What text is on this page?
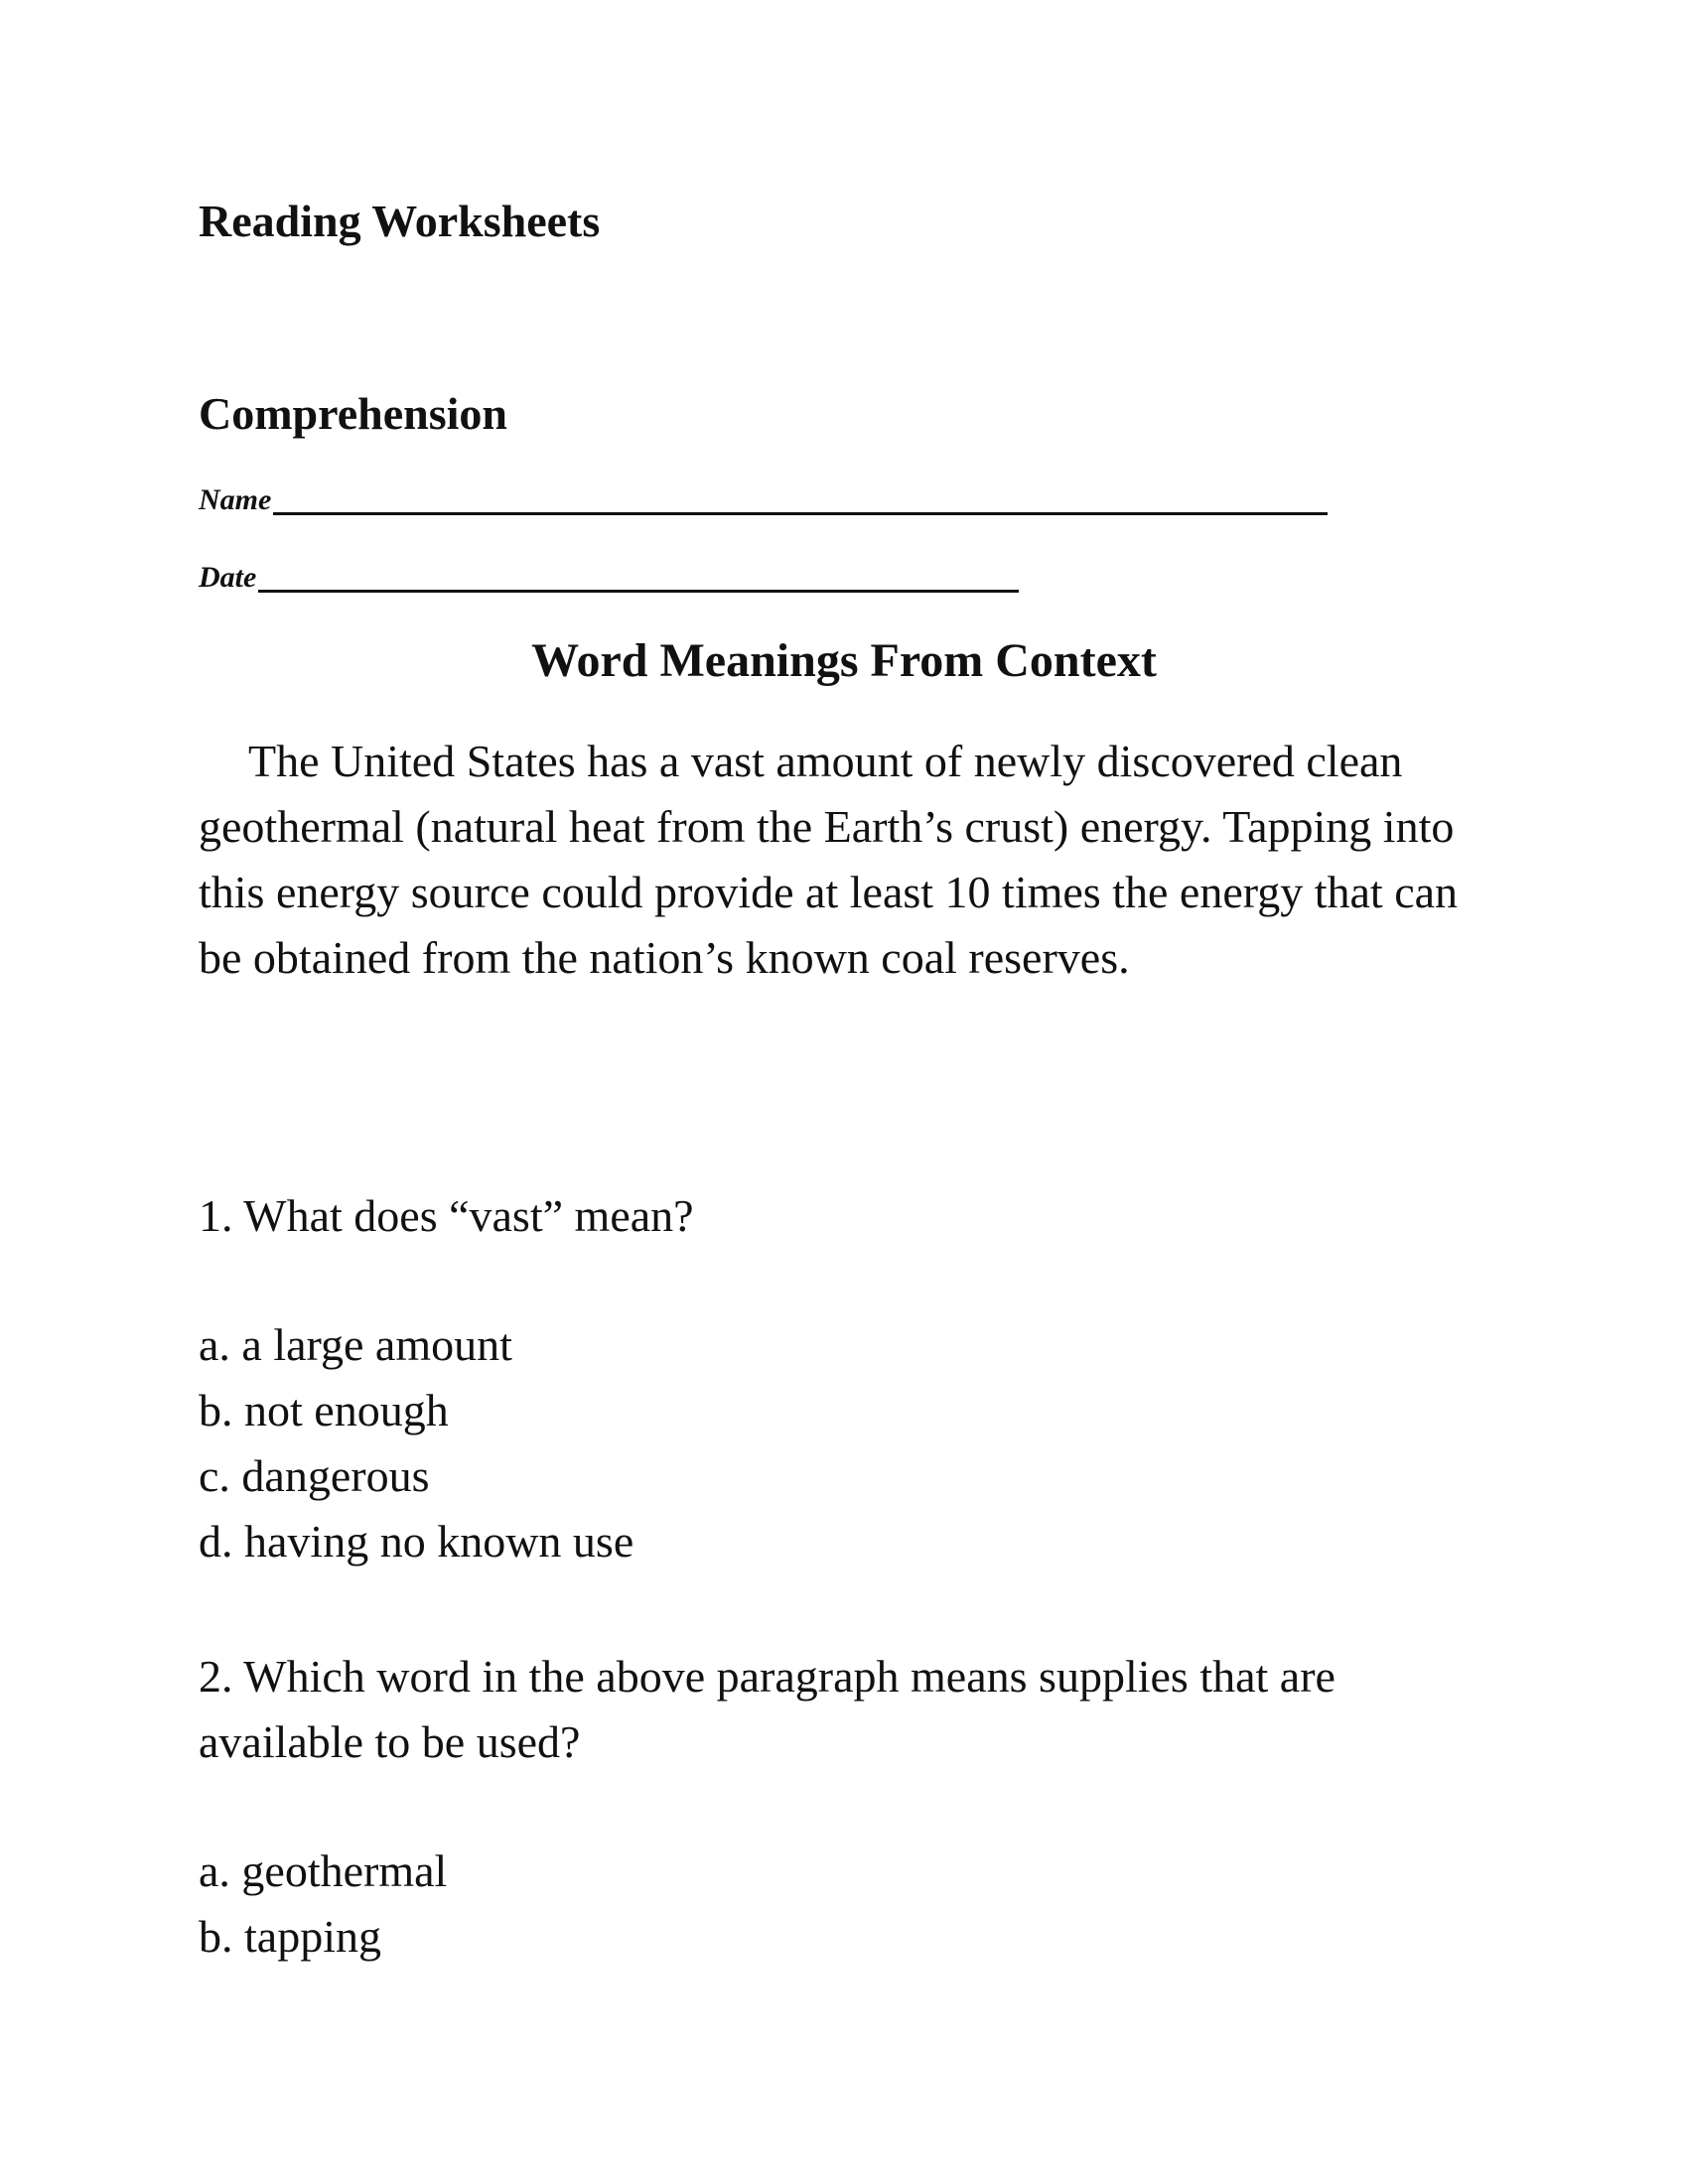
Reading Worksheets
Comprehension
Name
Date
Word Meanings From Context

The United States has a vast amount of newly discovered clean geothermal (natural heat from the Earth’s crust) energy. Tapping into this energy source could provide at least 10 times the energy that can be obtained from the nation’s known coal reserves.

1. What does “vast” mean?

a. a large amount
b. not enough
c. dangerous
d. having no known use

2. Which word in the above paragraph means supplies that are available to be used?

a. geothermal
b. tapping
